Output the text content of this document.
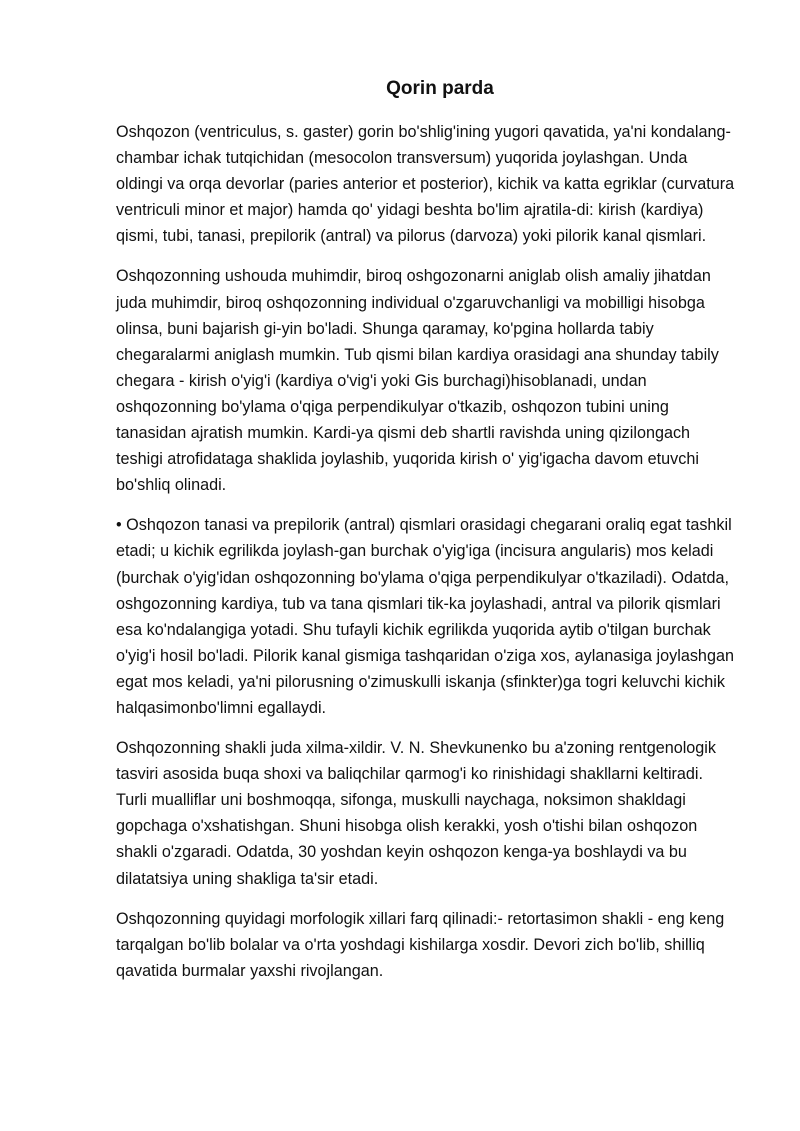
Qorin parda

Oshqozon (ventriculus, s. gaster) gorin bo'shlig'ining yugori qavatida, ya'ni kondalang-chambar ichak tutqichidan (mesocolon transversum) yuqorida joylashgan. Unda oldingi va orqa devorlar (paries anterior et posterior), kichik va katta egriklar (curvatura ventriculi minor et major) hamda qo' yidagi beshta bo'lim ajratila-di: kirish (kardiya) qismi, tubi, tanasi, prepilorik (antral) va pilorus (darvoza) yoki pilorik kanal qismlari.

Oshqozonning ushouda muhimdir, biroq oshgozonarni aniglab olish amaliy jihatdan juda muhimdir, biroq oshqozonning individual o'zgaruvchanligi va mobilligi hisobga olinsa, buni bajarish gi-yin bo'ladi. Shunga qaramay, ko'pgina hollarda tabiy chegaralarmi aniglash mumkin. Tub qismi bilan kardiya orasidagi ana shunday tabily chegara - kirish o'yig'i (kardiya o'vig'i yoki Gis burchagi)hisoblanadi, undan oshqozonning bo'ylama o'qiga perpendikulyar o'tkazib, oshqozon tubini uning tanasidan ajratish mumkin. Kardi-ya qismi deb shartli ravishda uning qizilongach teshigi atrofidataga shaklida joylashib, yuqorida kirish o' yig'igacha davom etuvchi bo'shliq olinadi.

• Oshqozon tanasi va prepilorik (antral) qismlari orasidagi chegarani oraliq egat tashkil etadi; u kichik egrilikda joylash-gan burchak o'yig'iga (incisura angularis) mos keladi (burchak o'yig'idan oshqozonning bo'ylama o'qiga perpendikulyar o'tkaziladi). Odatda, oshgozonning kardiya, tub va tana qismlari tik-ka joylashadi, antral va pilorik qismlari esa ko'ndalangiga yotadi. Shu tufayli kichik egrilikda yuqorida aytib o'tilgan burchak o'yig'i hosil bo'ladi. Pilorik kanal gismiga tashqaridan o'ziga xos, aylanasiga joylashgan egat mos keladi, ya'ni pilorusning o'zimuskulli iskanja (sfinkter)ga togri keluvchi kichik halqasimonbo'limni egallaydi.

Oshqozonning shakli juda xilma-xildir. V. N. Shevkunenko bu a'zoning rentgenologik tasviri asosida buqa shoxi va baliqchilar qarmog'i ko rinishidagi shakllarni keltiradi. Turli mualliflar uni boshmoqqa, sifonga, muskulli naychaga, noksimon shakldagi gopchaga o'xshatishgan. Shuni hisobga olish kerakki, yosh o'tishi bilan oshqozon shakli o'zgaradi. Odatda, 30 yoshdan keyin oshqozon kenga-ya boshlaydi va bu dilatatsiya uning shakliga ta'sir etadi.

Oshqozonning quyidagi morfologik xillari farq qilinadi:- retortasimon shakli - eng keng tarqalgan bo'lib bolalar va o'rta yoshdagi kishilarga xosdir. Devori zich bo'lib, shilliq qavatida burmalar yaxshi rivojlangan.
